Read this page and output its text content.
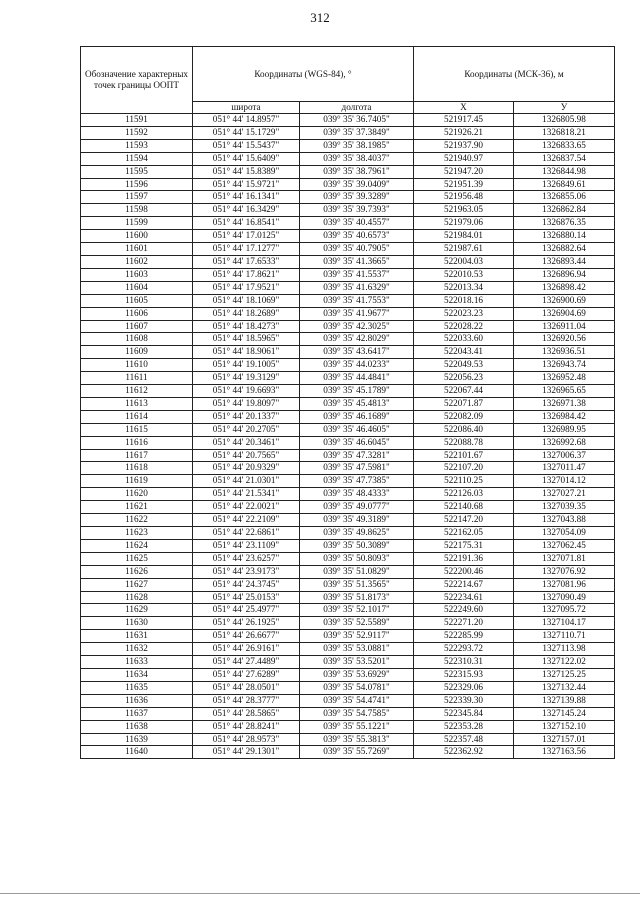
312
Обозначение характерных точек границы ООПТ	Координаты (WGS-84), °		Координаты (МСК-36), м	
	широта	долгота	X	У
11591	051° 44' 14.8957"	039° 35' 36.7405"	521917.45	1326805.98
11592	051° 44' 15.1729"	039° 35' 37.3849"	521926.21	1326818.21
11593	051° 44' 15.5437"	039° 35' 38.1985"	521937.90	1326833.65
11594	051° 44' 15.6409"	039° 35' 38.4037"	521940.97	1326837.54
11595	051° 44' 15.8389"	039° 35' 38.7961"	521947.20	1326844.98
11596	051° 44' 15.9721"	039° 35' 39.0409"	521951.39	1326849.61
11597	051° 44' 16.1341"	039° 35' 39.3289"	521956.48	1326855.06
11598	051° 44' 16.3429"	039° 35' 39.7393"	521963.05	1326862.84
11599	051° 44' 16.8541"	039° 35' 40.4557"	521979.06	1326876.35
11600	051° 44' 17.0125"	039° 35' 40.6573"	521984.01	1326880.14
11601	051° 44' 17.1277"	039° 35' 40.7905"	521987.61	1326882.64
11602	051° 44' 17.6533"	039° 35' 41.3665"	522004.03	1326893.44
11603	051° 44' 17.8621"	039° 35' 41.5537"	522010.53	1326896.94
11604	051° 44' 17.9521"	039° 35' 41.6329"	522013.34	1326898.42
11605	051° 44' 18.1069"	039° 35' 41.7553"	522018.16	1326900.69
11606	051° 44' 18.2689"	039° 35' 41.9677"	522023.23	1326904.69
11607	051° 44' 18.4273"	039° 35' 42.3025"	522028.22	1326911.04
11608	051° 44' 18.5965"	039° 35' 42.8029"	522033.60	1326920.56
11609	051° 44' 18.9061"	039° 35' 43.6417"	522043.41	1326936.51
11610	051° 44' 19.1005"	039° 35' 44.0233"	522049.53	1326943.74
11611	051° 44' 19.3129"	039° 35' 44.4841"	522056.23	1326952.48
11612	051° 44' 19.6693"	039° 35' 45.1789"	522067.44	1326965.65
11613	051° 44' 19.8097"	039° 35' 45.4813"	522071.87	1326971.38
11614	051° 44' 20.1337"	039° 35' 46.1689"	522082.09	1326984.42
11615	051° 44' 20.2705"	039° 35' 46.4605"	522086.40	1326989.95
11616	051° 44' 20.3461"	039° 35' 46.6045"	522088.78	1326992.68
11617	051° 44' 20.7565"	039° 35' 47.3281"	522101.67	1327006.37
11618	051° 44' 20.9329"	039° 35' 47.5981"	522107.20	1327011.47
11619	051° 44' 21.0301"	039° 35' 47.7385"	522110.25	1327014.12
11620	051° 44' 21.5341"	039° 35' 48.4333"	522126.03	1327027.21
11621	051° 44' 22.0021"	039° 35' 49.0777"	522140.68	1327039.35
11622	051° 44' 22.2109"	039° 35' 49.3189"	522147.20	1327043.88
11623	051° 44' 22.6861"	039° 35' 49.8625"	522162.05	1327054.09
11624	051° 44' 23.1109"	039° 35' 50.3089"	522175.31	1327062.45
11625	051° 44' 23.6257"	039° 35' 50.8093"	522191.36	1327071.81
11626	051° 44' 23.9173"	039° 35' 51.0829"	522200.46	1327076.92
11627	051° 44' 24.3745"	039° 35' 51.3565"	522214.67	1327081.96
11628	051° 44' 25.0153"	039° 35' 51.8173"	522234.61	1327090.49
11629	051° 44' 25.4977"	039° 35' 52.1017"	522249.60	1327095.72
11630	051° 44' 26.1925"	039° 35' 52.5589"	522271.20	1327104.17
11631	051° 44' 26.6677"	039° 35' 52.9117"	522285.99	1327110.71
11632	051° 44' 26.9161"	039° 35' 53.0881"	522293.72	1327113.98
11633	051° 44' 27.4489"	039° 35' 53.5201"	522310.31	1327122.02
11634	051° 44' 27.6289"	039° 35' 53.6929"	522315.93	1327125.25
11635	051° 44' 28.0501"	039° 35' 54.0781"	522329.06	1327132.44
11636	051° 44' 28.3777"	039° 35' 54.4741"	522339.30	1327139.88
11637	051° 44' 28.5865"	039° 35' 54.7585"	522345.84	1327145.24
11638	051° 44' 28.8241"	039° 35' 55.1221"	522353.28	1327152.10
11639	051° 44' 28.9573"	039° 35' 55.3813"	522357.48	1327157.01
11640	051° 44' 29.1301"	039° 35' 55.7269"	522362.92	1327163.56
